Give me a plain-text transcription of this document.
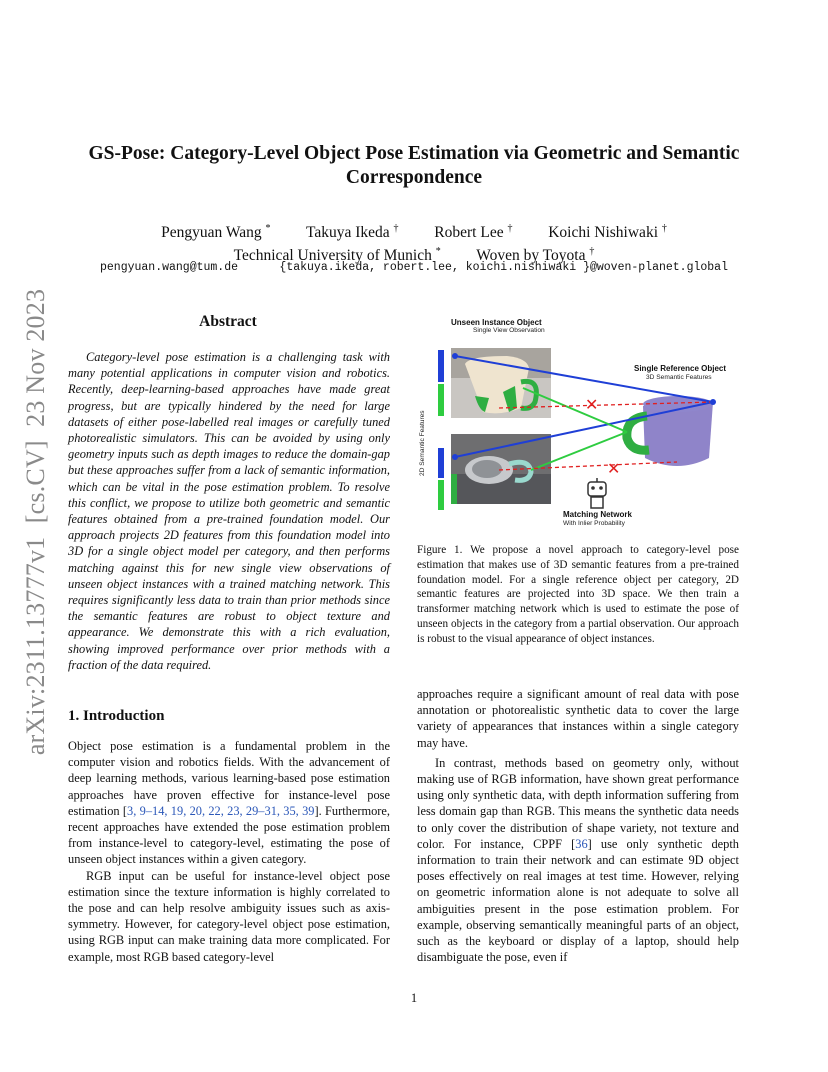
arXiv:2311.13777v1  [cs.CV]  23 Nov 2023
GS-Pose: Category-Level Object Pose Estimation via Geometric and Semantic
Correspondence
Pengyuan Wang * Takuya Ikeda † Robert Lee † Koichi Nishiwaki †
Technical University of Munich * Woven by Toyota †
pengyuan.wang@tum.de      {takuya.ikeda, robert.lee, koichi.nishiwaki }@woven-planet.global
Abstract
Category-level pose estimation is a challenging task with many potential applications in computer vision and robotics. Recently, deep-learning-based approaches have made great progress, but are typically hindered by the need for large datasets of either pose-labelled real images or carefully tuned photorealistic simulators. This can be avoided by using only geometry inputs such as depth images to reduce the domain-gap but these approaches suffer from a lack of semantic information, which can be vital in the pose estimation problem. To resolve this conflict, we propose to utilize both geometric and semantic features obtained from a pre-trained foundation model. Our approach projects 2D features from this foundation model into 3D for a single object model per category, and then performs matching against this for new single view observations of unseen object instances with a trained matching network. This requires significantly less data to train than prior methods since the semantic features are robust to object texture and appearance. We demonstrate this with a rich evaluation, showing improved performance over prior methods with a fraction of the data required.
✕
✕
Unseen Instance Object
Single View Observation
Single Reference Object
3D Semantic Features
2D Semantic Features
Matching Network
With Inlier Probability
Figure 1. We propose a novel approach to category-level pose estimation that makes use of 3D semantic features from a pre-trained foundation model. For a single reference object per category, 2D semantic features are projected into 3D space. We then train a transformer matching network which is used to estimate the pose of unseen objects in the category from a partial observation. Our approach is robust to the visual appearance of object instances.
1. Introduction

Object pose estimation is a fundamental problem in the computer vision and robotics fields. With the advancement of deep learning methods, various learning-based pose estimation approaches have proven effective for instance-level pose estimation [3, 9–14, 19, 20, 22, 23, 29–31, 35, 39]. Furthermore, recent approaches have extended the pose estimation problem from instance-level to category-level, estimating the pose of unseen object instances within a given category.

RGB input can be useful for instance-level object pose estimation since the texture information is highly correlated to the pose and can help resolve ambiguity issues such as axis-symmetry. However, for category-level object pose estimation, using RGB input can make training data more complicated. For example, most RGB based category-level

approaches require a significant amount of real data with pose annotation or photorealistic synthetic data to cover the large variety of appearances that instances within a single category may have.

In contrast, methods based on geometry only, without making use of RGB information, have shown great performance using only synthetic data, with depth information suffering from less domain gap than RGB. This means the synthetic data needs to only cover the distribution of shape variety, not texture and color. For instance, CPPF [36] use only synthetic depth information to train their network and can estimate 9D object poses effectively on real images at test time. However, relying on geometric information alone is not adequate to solve all ambiguities present in the pose estimation problem. For example, observing semantically meaningful parts of an object, such as the keyboard or display of a laptop, should help disambiguate the pose, even if

1
